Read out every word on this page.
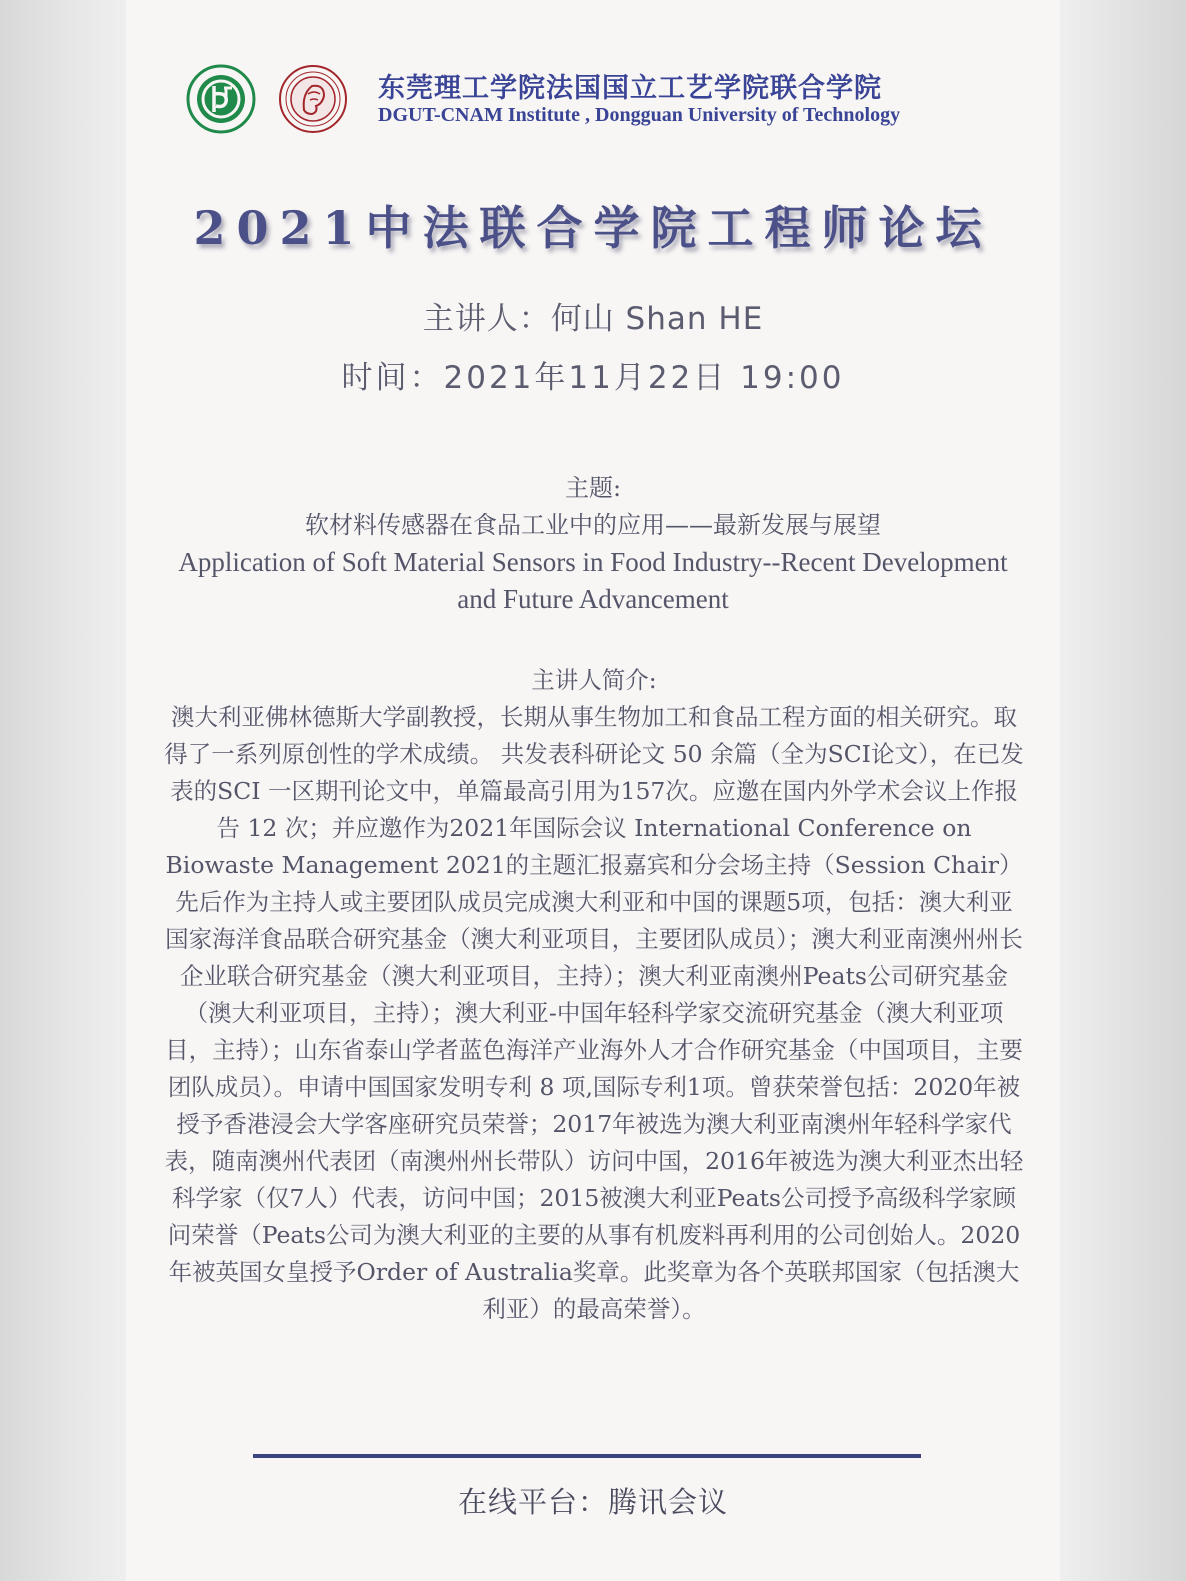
东莞理工学院法国国立工艺学院联合学院
DGUT-CNAM Institute , Dongguan University of Technology
2021中法联合学院工程师论坛
主讲人：何山 Shan HE
时间：2021年11月22日 19:00
主题:
软材料传感器在食品工业中的应用——最新发展与展望
Application of Soft Material Sensors in Food Industry--Recent Development and Future Advancement
主讲人简介:
澳大利亚佛林德斯大学副教授，长期从事生物加工和食品工程方面的相关研究。取得了一系列原创性的学术成绩。 共发表科研论文 50 余篇（全为SCI论文），在已发表的SCI 一区期刊论文中，单篇最高引用为157次。应邀在国内外学术会议上作报告 12 次；并应邀作为2021年国际会议 International Conference on Biowaste Management 2021的主题汇报嘉宾和分会场主持（Session Chair） 先后作为主持人或主要团队成员完成澳大利亚和中国的课题5项，包括：澳大利亚国家海洋食品联合研究基金（澳大利亚项目，主要团队成员）；澳大利亚南澳州州长企业联合研究基金（澳大利亚项目，主持）；澳大利亚南澳州Peats公司研究基金（澳大利亚项目，主持）；澳大利亚-中国年轻科学家交流研究基金（澳大利亚项目，主持）；山东省泰山学者蓝色海洋产业海外人才合作研究基金（中国项目，主要团队成员）。申请中国国家发明专利 8 项,国际专利1项。曾获荣誉包括：2020年被授予香港浸会大学客座研究员荣誉；2017年被选为澳大利亚南澳州年轻科学家代表，随南澳州代表团（南澳州州长带队）访问中国，2016年被选为澳大利亚杰出轻科学家（仅7人）代表，访问中国；2015被澳大利亚Peats公司授予高级科学家顾问荣誉（Peats公司为澳大利亚的主要的从事有机废料再利用的公司创始人。2020年被英国女皇授予Order of Australia奖章。此奖章为各个英联邦国家（包括澳大利亚）的最高荣誉）。
在线平台：腾讯会议
